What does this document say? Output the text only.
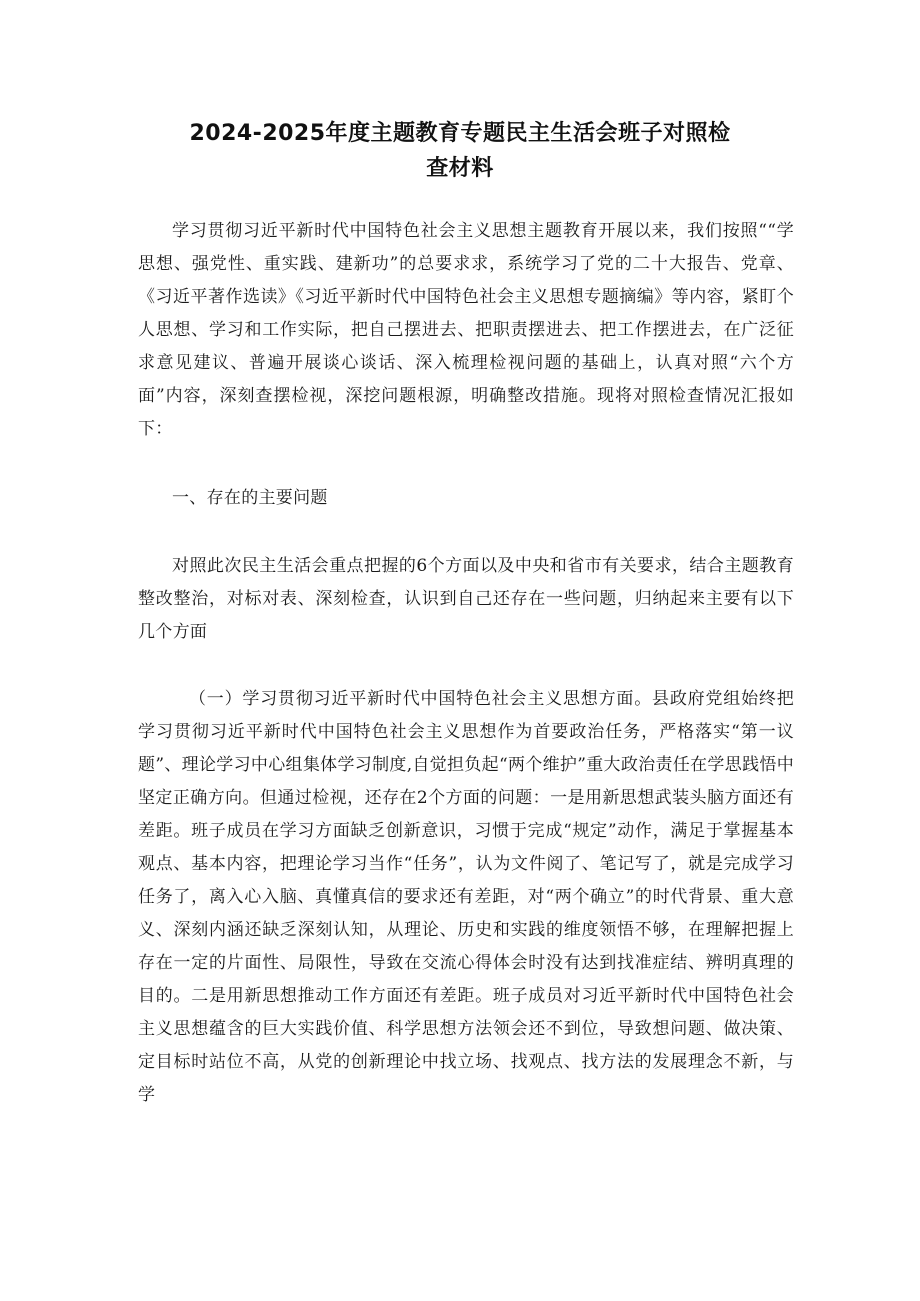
2024-2025年度主题教育专题民主生活会班子对照检
查材料

学习贯彻习近平新时代中国特色社会主义思想主题教育开展以来，我们按照““学思想、强党性、重实践、建新功”的总要求求，系统学习了党的二十大报告、党章、《习近平著作选读》《习近平新时代中国特色社会主义思想专题摘编》等内容，紧盯个人思想、学习和工作实际，把自己摆进去、把职责摆进去、把工作摆进去，在广泛征求意见建议、普遍开展谈心谈话、深入梳理检视问题的基础上，认真对照“六个方面”内容，深刻查摆检视，深挖问题根源，明确整改措施。现将对照检查情况汇报如下：

一、存在的主要问题

对照此次民主生活会重点把握的6个方面以及中央和省市有关要求，结合主题教育整改整治，对标对表、深刻检查，认识到自己还存在一些问题，归纳起来主要有以下几个方面

（一）学习贯彻习近平新时代中国特色社会主义思想方面。县政府党组始终把学习贯彻习近平新时代中国特色社会主义思想作为首要政治任务，严格落实“第一议题”、理论学习中心组集体学习制度,自觉担负起“两个维护”重大政治责任在学思践悟中坚定正确方向。但通过检视，还存在2个方面的问题：一是用新思想武装头脑方面还有差距。班子成员在学习方面缺乏创新意识，习惯于完成“规定”动作，满足于掌握基本观点、基本内容，把理论学习当作“任务”，认为文件阅了、笔记写了，就是完成学习任务了，离入心入脑、真懂真信的要求还有差距，对“两个确立”的时代背景、重大意义、深刻内涵还缺乏深刻认知，从理论、历史和实践的维度领悟不够，在理解把握上存在一定的片面性、局限性，导致在交流心得体会时没有达到找准症结、辨明真理的目的。二是用新思想推动工作方面还有差距。班子成员对习近平新时代中国特色社会主义思想蕴含的巨大实践价值、科学思想方法领会还不到位，导致想问题、做决策、定目标时站位不高，从党的创新理论中找立场、找观点、找方法的发展理念不新，与学
